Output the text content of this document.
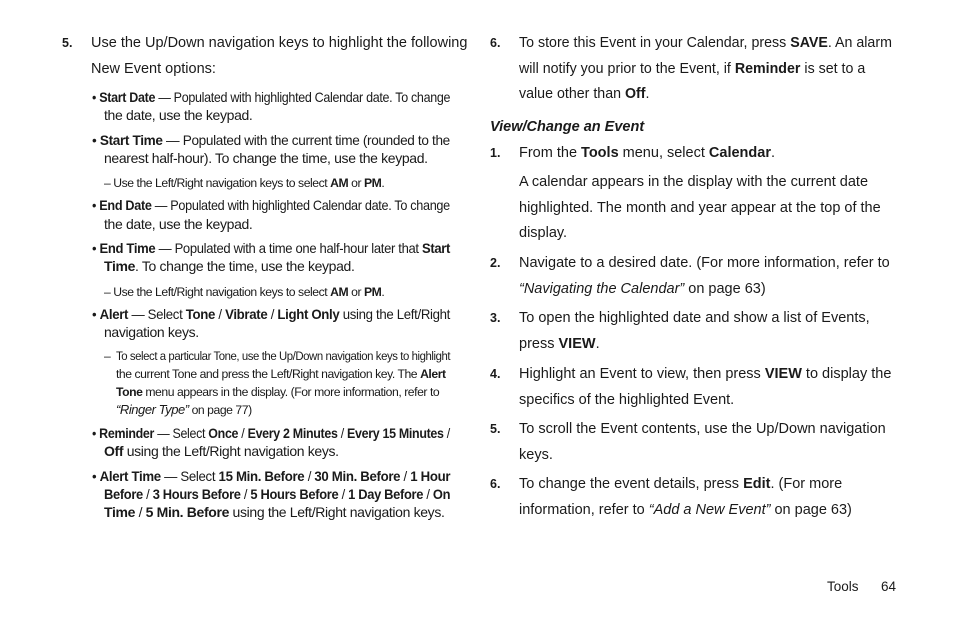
5. Use the Up/Down navigation keys to highlight the following
New Event options:
• Start Date — Populated with highlighted Calendar date. To change
the date, use the keypad.
• Start Time — Populated with the current time (rounded to the
nearest half-hour). To change the time, use the keypad.
– Use the Left/Right navigation keys to select AM or PM.
• End Date — Populated with highlighted Calendar date. To change
the date, use the keypad.
• End Time — Populated with a time one half-hour later that Start
Time. To change the time, use the keypad.
– Use the Left/Right navigation keys to select AM or PM.
• Alert — Select Tone / Vibrate / Light Only using the Left/Right
navigation keys.
– To select a particular Tone, use the Up/Down navigation keys to highlight
the current Tone and press the Left/Right navigation key. The Alert
Tone menu appears in the display. (For more information, refer to
“Ringer Type” on page 77)
• Reminder — Select Once / Every 2 Minutes / Every 15 Minutes /
Off using the Left/Right navigation keys.
• Alert Time — Select 15 Min. Before / 30 Min. Before / 1 Hour
Before / 3 Hours Before / 5 Hours Before / 1 Day Before / On
Time / 5 Min. Before using the Left/Right navigation keys.
6. To store this Event in your Calendar, press SAVE. An alarm
will notify you prior to the Event, if Reminder is set to a
value other than Off.
View/Change an Event
1. From the Tools menu, select Calendar.
A calendar appears in the display with the current date
highlighted. The month and year appear at the top of the
display.
2. Navigate to a desired date. (For more information, refer to
“Navigating the Calendar” on page 63)
3. To open the highlighted date and show a list of Events,
press VIEW.
4. Highlight an Event to view, then press VIEW to display the
specifics of the highlighted Event.
5. To scroll the Event contents, use the Up/Down navigation
keys.
6. To change the event details, press Edit. (For more
information, refer to “Add a New Event” on page 63)
Tools 64
